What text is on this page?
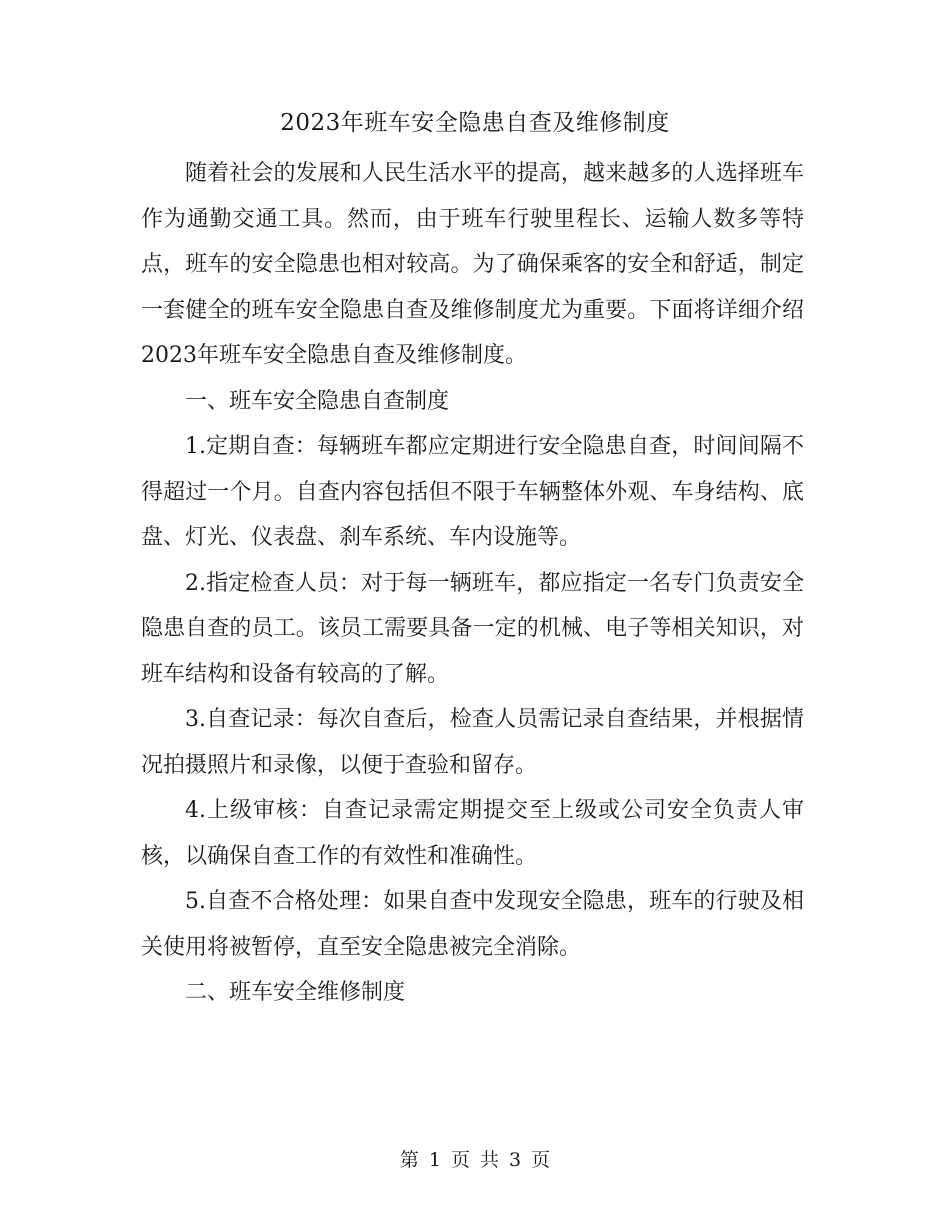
2023年班车安全隐患自查及维修制度

随着社会的发展和人民生活水平的提高，越来越多的人选择班车作为通勤交通工具。然而，由于班车行驶里程长、运输人数多等特点，班车的安全隐患也相对较高。为了确保乘客的安全和舒适，制定一套健全的班车安全隐患自查及维修制度尤为重要。下面将详细介绍2023年班车安全隐患自查及维修制度。

一、班车安全隐患自查制度

1.定期自查：每辆班车都应定期进行安全隐患自查，时间间隔不得超过一个月。自查内容包括但不限于车辆整体外观、车身结构、底盘、灯光、仪表盘、刹车系统、车内设施等。

2.指定检查人员：对于每一辆班车，都应指定一名专门负责安全隐患自查的员工。该员工需要具备一定的机械、电子等相关知识，对班车结构和设备有较高的了解。

3.自查记录：每次自查后，检查人员需记录自查结果，并根据情况拍摄照片和录像，以便于查验和留存。

4.上级审核：自查记录需定期提交至上级或公司安全负责人审核，以确保自查工作的有效性和准确性。

5.自查不合格处理：如果自查中发现安全隐患，班车的行驶及相关使用将被暂停，直至安全隐患被完全消除。

二、班车安全维修制度

第 1 页 共 3 页
